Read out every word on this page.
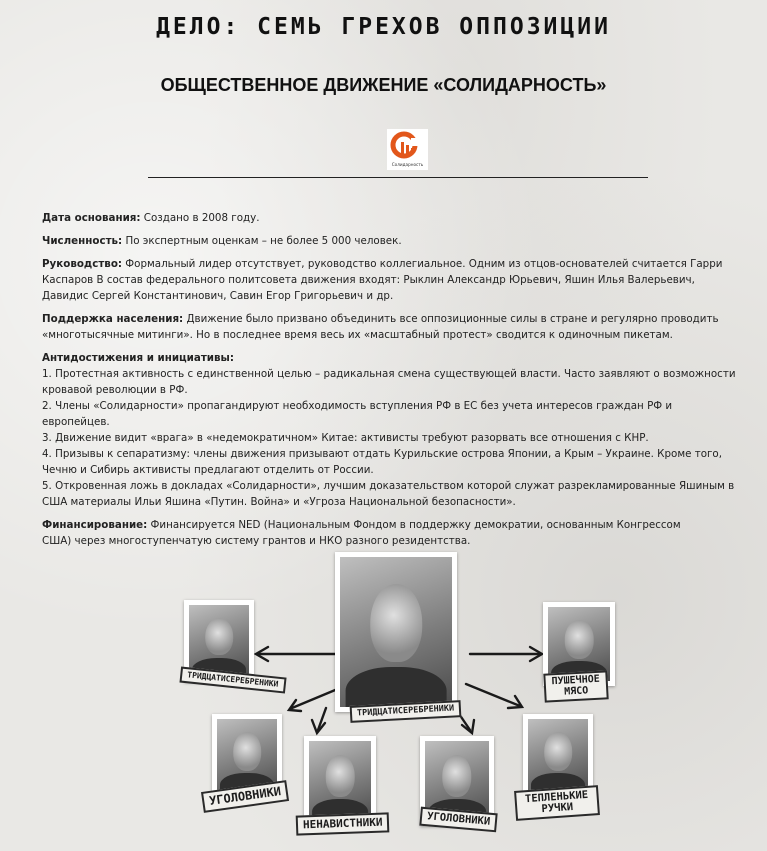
ДЕЛО: СЕМЬ ГРЕХОВ ОППОЗИЦИИ
ОБЩЕСТВЕННОЕ ДВИЖЕНИЕ «СОЛИДАРНОСТЬ»
Солидарность

Дата основания: Создано в 2008 году.

Численность: По экспертным оценкам – не более 5 000 человек.

Руководство: Формальный лидер отсутствует, руководство коллегиальное. Одним из отцов-основателей считается Гарри Каспаров В состав федерального политсовета движения входят: Рыклин Александр Юрьевич, Яшин Илья Валерьевич, Давидис Сергей Константинович, Савин Егор Григорьевич и др.

Поддержка населения: Движение было призвано объединить все оппозиционные силы в стране и регулярно проводить «многотысячные митинги». Но в последнее время весь их «масштабный протест» сводится к одиночным пикетам.

Антидостижения и инициативы:
1. Протестная активность с единственной целью – радикальная смена существующей власти. Часто заявляют о возможности кровавой революции в РФ.
2. Члены «Солидарности» пропагандируют необходимость вступления РФ в ЕС без учета интересов граждан РФ и европейцев.
3. Движение видит «врага» в «недемократичном» Китае: активисты требуют разорвать все отношения с КНР.
4. Призывы к сепаратизму: члены движения призывают отдать Курильские острова Японии, а Крым – Украине. Кроме того, Чечню и Сибирь активисты предлагают отделить от России.
5. Откровенная ложь в докладах «Солидарности», лучшим доказательством которой служат разрекламированные Яшиным в США материалы Ильи Яшина «Путин. Война» и «Угроза Национальной безопасности».

Финансирование: Финансируется NED (Национальным Фондом в поддержку демократии, основанным Конгрессом США) через многоступенчатую систему грантов и НКО разного резидентства.

ТРИДЦАТИСЕРЕБРЕНИКИ
ТРИДЦАТИСЕРЕБРЕНИКИ	ПУШЕЧНОЕ МЯСО
УГОЛОВНИКИ
НЕНАВИСТНИКИ	УГОЛОВНИКИ
ТЕПЛЕНЬКИЕ РУЧКИ
